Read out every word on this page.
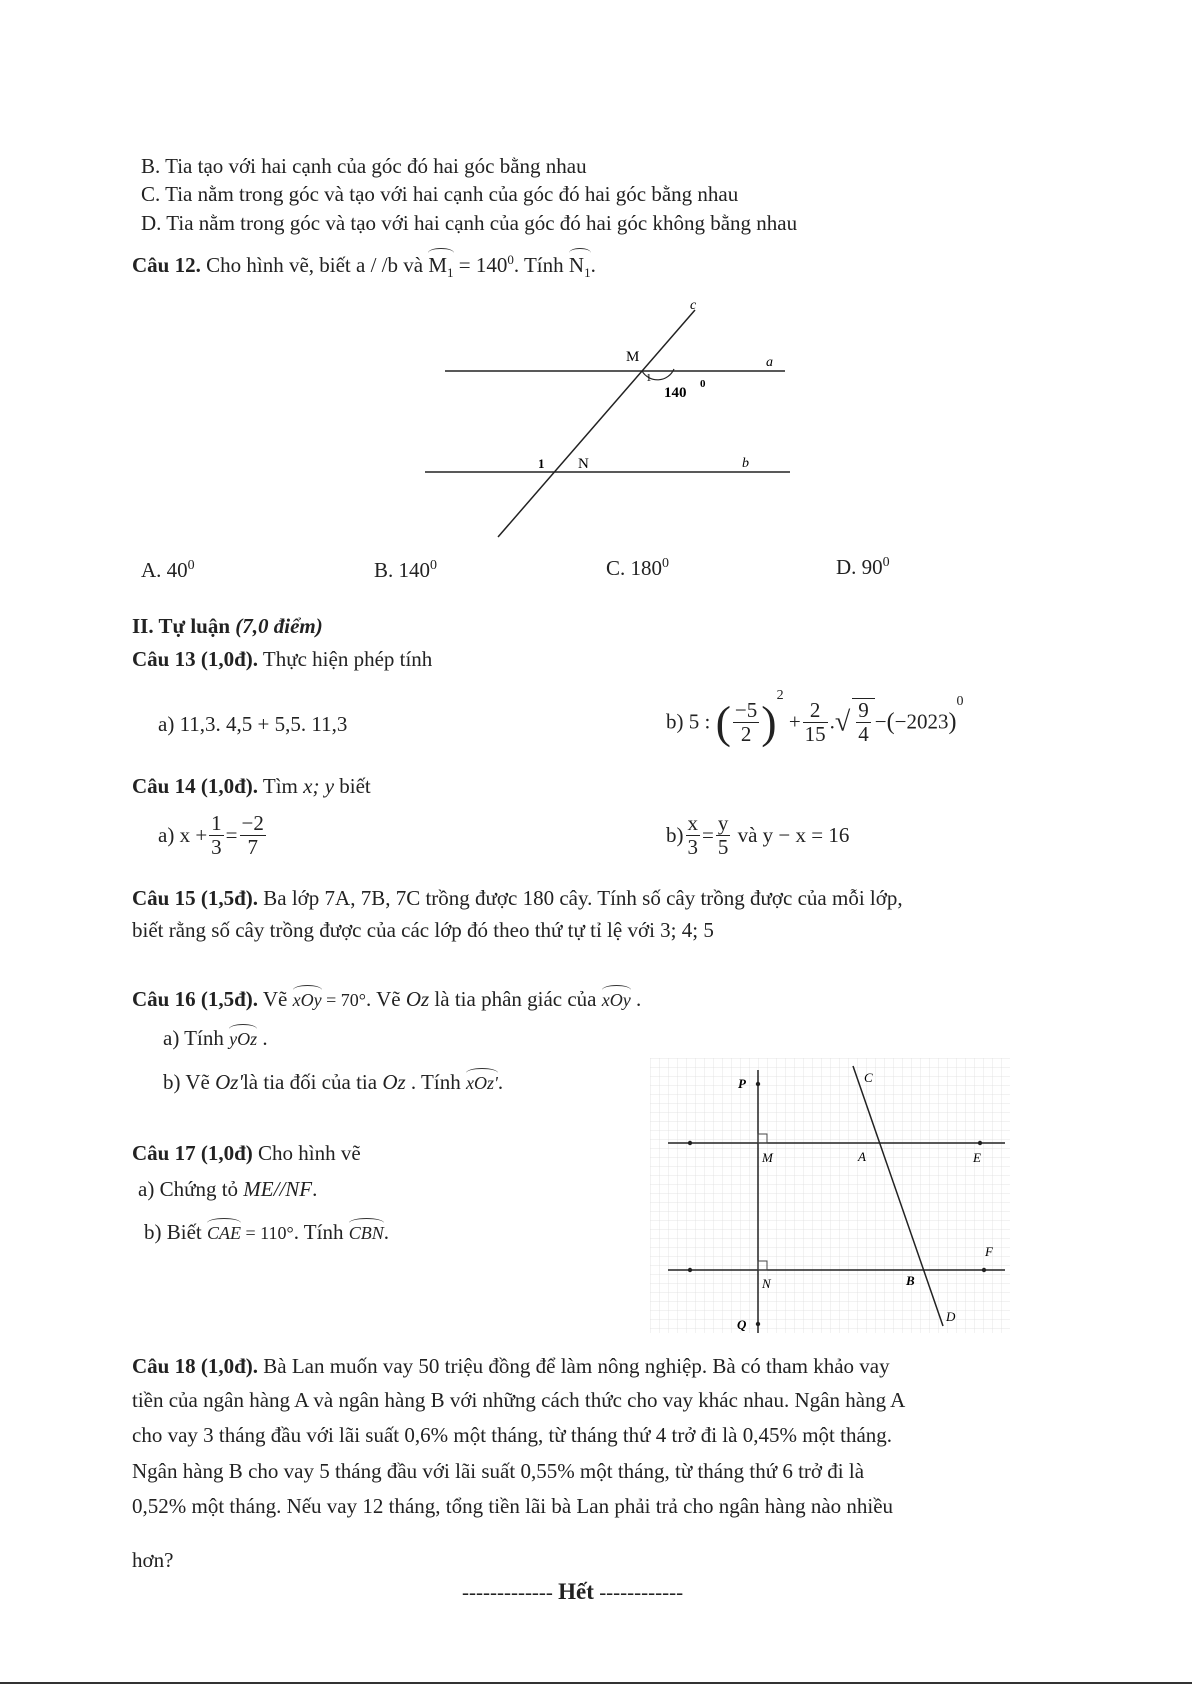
B. Tia tạo với hai cạnh của góc đó hai góc bằng nhau
C. Tia nằm trong góc và tạo với hai cạnh của góc đó hai góc bằng nhau
D. Tia nằm trong góc và tạo với hai cạnh của góc đó hai góc không bằng nhau
Câu 12. Cho hình vẽ, biết a / /b và $M_1 = 140^0$. Tính $N_1$.
c
M	a
1
140
0
1 N	b
A. $40^0$	B. $140^0$	C. $180^0$	D. $90^0$
II. Tự luận (7,0 điểm)
Câu 13 (1,0đ). Thực hiện phép tính
a) 11,3. 4,5 + 5,5. 11,3	b) 5 : ( $\frac{-5}{2} )^2 + \frac{2}{15}$ .√ $\frac{9}{4} -(-2023)^0$
Câu 14 (1,0đ). Tìm x; y biết
a) $x + \frac{1}{3} = \frac{-2}{7}$	$b) \frac{x}{3} = \frac{y}{5}$ và y − x = 16
Câu 15 (1,5đ). Ba lớp 7A, 7B, 7C trồng được 180 cây. Tính số cây trồng được của mỗi lớp,
biết rằng số cây trồng được của các lớp đó theo thứ tự tỉ lệ với 3; 4; 5
Câu 16 (1,5đ). Vẽ xOy = 70°. Vẽ Oz là tia phân giác của xOy .
a) Tính yOz .
b) Vẽ Oz'là tia đối của tia Oz . Tính xOz'.
Câu 17 (1,0đ) Cho hình vẽ
a) Chứng tỏ ME//NF.
b) Biết CAE = 110°. Tính CBN.
P	C
M	A	E
F
N	B
Q
D
Câu 18 (1,0đ). Bà Lan muốn vay 50 triệu đồng để làm nông nghiệp. Bà có tham khảo vay
tiền của ngân hàng A và ngân hàng B với những cách thức cho vay khác nhau. Ngân hàng A
cho vay 3 tháng đầu với lãi suất 0,6% một tháng, từ tháng thứ 4 trở đi là 0,45% một tháng.
Ngân hàng B cho vay 5 tháng đầu với lãi suất 0,55% một tháng, từ tháng thứ 6 trở đi là
0,52% một tháng. Nếu vay 12 tháng, tổng tiền lãi bà Lan phải trả cho ngân hàng nào nhiều
hơn?
------------- Hết ------------
